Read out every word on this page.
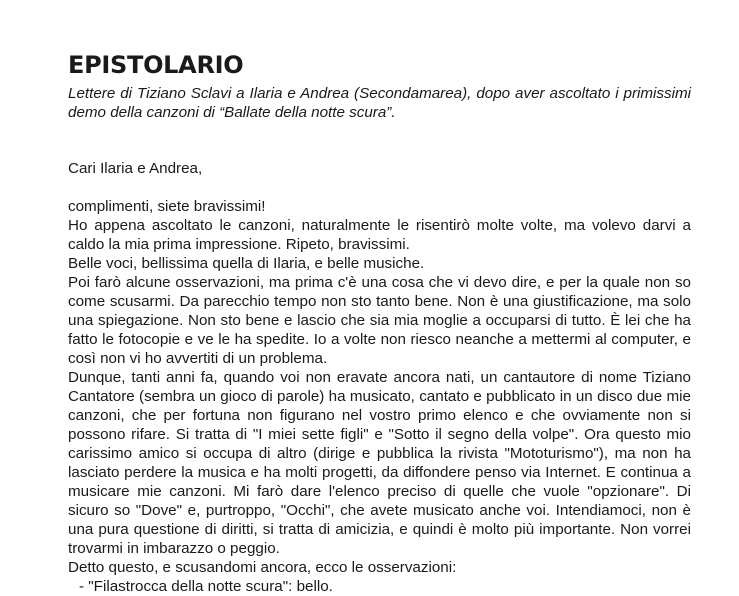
EPISTOLARIO

Lettere di Tiziano Sclavi a Ilaria e Andrea (Secondamarea), dopo aver ascoltato i primissimi demo della canzoni di “Ballate della notte scura”.

Cari Ilaria e Andrea,

complimenti, siete bravissimi!

Ho appena ascoltato le canzoni, naturalmente le risentirò molte volte, ma volevo darvi a caldo la mia prima impressione. Ripeto, bravissimi.

Belle voci, bellissima quella di Ilaria, e belle musiche.

Poi farò alcune osservazioni, ma prima c'è una cosa che vi devo dire, e per la quale non so come scusarmi. Da parecchio tempo non sto tanto bene. Non è una giustificazione, ma solo una spiegazione. Non sto bene e lascio che sia mia moglie a occuparsi di tutto. È lei che ha fatto le fotocopie e ve le ha spedite. Io a volte non riesco neanche a mettermi al computer, e così non vi ho avvertiti di un problema.

Dunque, tanti anni fa, quando voi non eravate ancora nati, un cantautore di nome Tiziano Cantatore (sembra un gioco di parole) ha musicato, cantato e pubblicato in un disco due mie canzoni, che per fortuna non figurano nel vostro primo elenco e che ovviamente non si possono rifare. Si tratta di "I miei sette figli" e "Sotto il segno della volpe". Ora questo mio carissimo amico si occupa di altro (dirige e pubblica la rivista "Mototurismo"), ma non ha lasciato perdere la musica e ha molti progetti, da diffondere penso via Internet. E continua a musicare mie canzoni. Mi farò dare l'elenco preciso di quelle che vuole "opzionare". Di sicuro so "Dove" e, purtroppo, "Occhi", che avete musicato anche voi. Intendiamoci, non è una pura questione di diritti, si tratta di amicizia, e quindi è molto più importante. Non vorrei trovarmi in imbarazzo o peggio.

Detto questo, e scusandomi ancora, ecco le osservazioni:

- "Filastrocca della notte scura": bello.
